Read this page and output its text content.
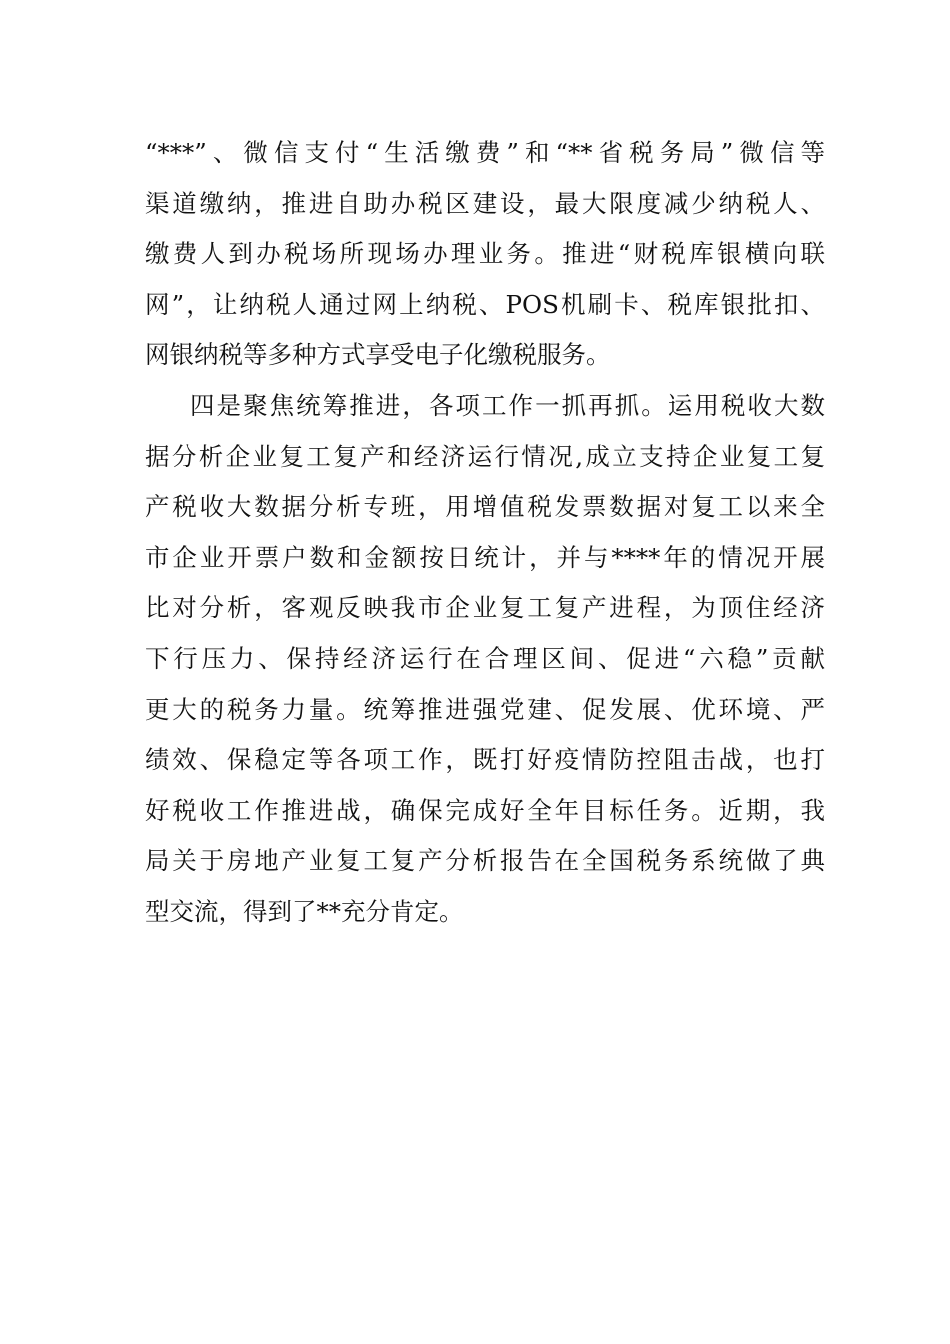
“***”、微信支付“生活缴费”和“**省税务局”微信等
渠道缴纳，推进自助办税区建设，最大限度减少纳税人、
缴费人到办税场所现场办理业务。推进“财税库银横向联
网”，让纳税人通过网上纳税、POS机刷卡、税库银批扣、
网银纳税等多种方式享受电子化缴税服务。
四是聚焦统筹推进，各项工作一抓再抓。运用税收大数
据分析企业复工复产和经济运行情况,成立支持企业复工复
产税收大数据分析专班，用增值税发票数据对复工以来全
市企业开票户数和金额按日统计，并与****年的情况开展
比对分析，客观反映我市企业复工复产进程，为顶住经济
下行压力、保持经济运行在合理区间、促进“六稳”贡献
更大的税务力量。统筹推进强党建、促发展、优环境、严
绩效、保稳定等各项工作，既打好疫情防控阻击战，也打
好税收工作推进战，确保完成好全年目标任务。近期，我
局关于房地产业复工复产分析报告在全国税务系统做了典
型交流，得到了**充分肯定。
